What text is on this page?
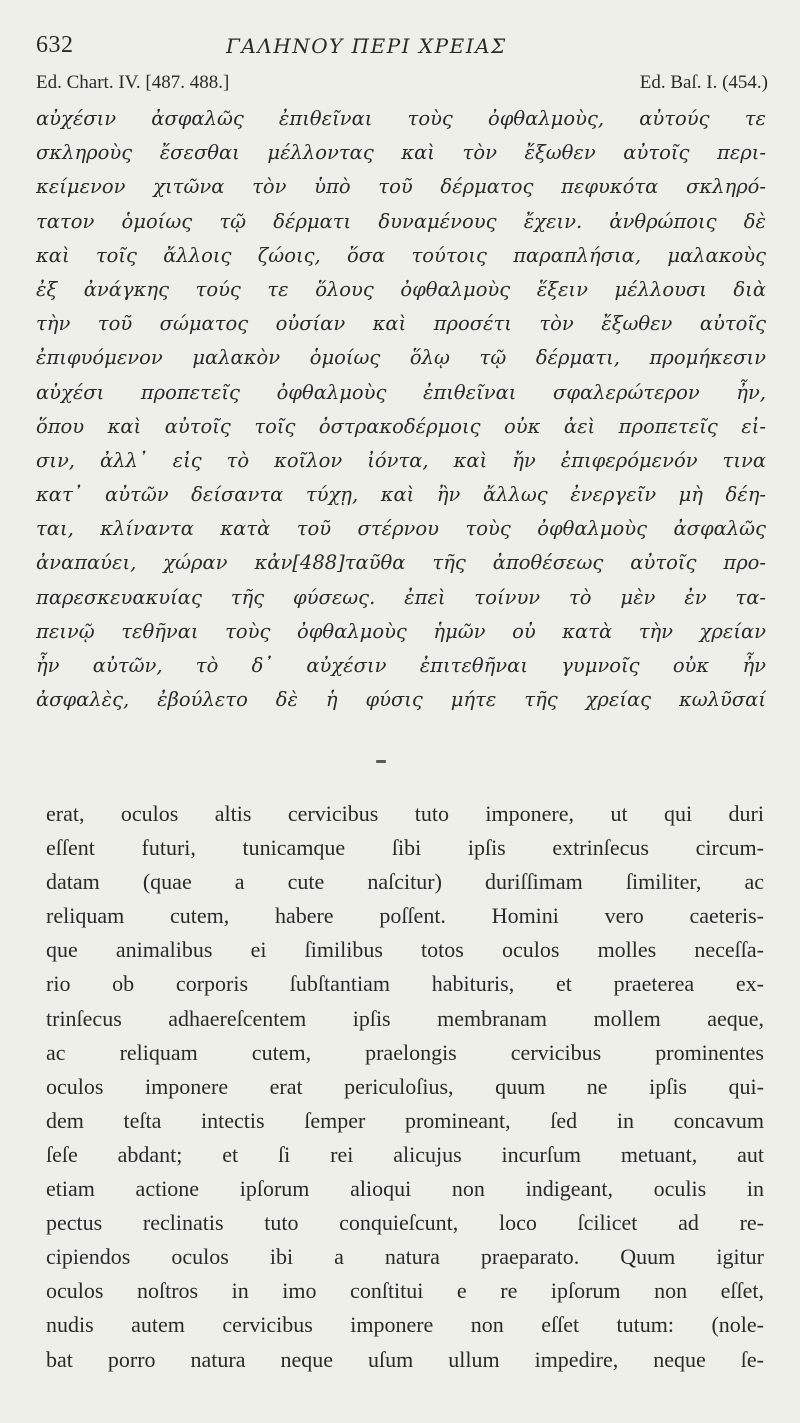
632	ΓΑΛΗΝΟΥ ΠΕΡΙ ΧΡΕΙΑΣ
Ed. Chart. IV. [487. 488.]	Ed. Baſ. I. (454.)
αὐχέσιν ἀσφαλῶς ἐπιθεῖναι τοὺς ὀφθαλμοὺς, αὐτούς τε
σκληροὺς ἔσεσθαι μέλλοντας καὶ τὸν ἔξωθεν αὐτοῖς περι-
κείμενον χιτῶνα τὸν ὑπὸ τοῦ δέρματος πεφυκότα σκληρό-
τατον ὁμοίως τῷ δέρματι δυναμένους ἔχειν. ἀνθρώποις δὲ
καὶ τοῖς ἄλλοις ζώοις, ὅσα τούτοις παραπλήσια, μαλακοὺς
ἐξ ἀνάγκης τούς τε ὅλους ὀφθαλμοὺς ἕξειν μέλλουσι διὰ
τὴν τοῦ σώματος οὐσίαν καὶ προσέτι τὸν ἔξωθεν αὐτοῖς
ἐπιφυόμενον μαλακὸν ὁμοίως ὅλῳ τῷ δέρματι, προμήκεσιν
αὐχέσι προπετεῖς ὀφθαλμοὺς ἐπιθεῖναι σφαλερώτερον ἦν,
ὅπου καὶ αὐτοῖς τοῖς ὀστρακοδέρμοις οὐκ ἀεὶ προπετεῖς εἰ-
σιν, ἀλλ᾽ εἰς τὸ κοῖλον ἰόντα, καὶ ἤν ἐπιφερόμενόν τινα
κατ᾽ αὐτῶν δείσαντα τύχῃ, καὶ ἢν ἄλλως ἐνεργεῖν μὴ δέη-
ται, κλίναντα κατὰ τοῦ στέρνου τοὺς ὀφθαλμοὺς ἀσφαλῶς
ἀναπαύει, χώραν κἀν[488]ταῦθα τῆς ἀποθέσεως αὐτοῖς προ-
παρεσκευακυίας τῆς φύσεως. ἐπεὶ τοίνυν τὸ μὲν ἐν τα-
πεινῷ τεθῆναι τοὺς ὀφθαλμοὺς ἡμῶν οὐ κατὰ τὴν χρείαν
ἦν αὐτῶν, τὸ δ᾽ αὐχέσιν ἐπιτεθῆναι γυμνοῖς οὐκ ἦν
ἀσφαλὲς, ἐβούλετο δὲ ἡ φύσις μήτε τῆς χρείας κωλῦσαί
erat, oculos altis cervicibus tuto imponere, ut qui duri
eſſent futuri, tunicamque ſibi ipſis extrinſecus circum-
datam (quae a cute naſcitur) duriſſimam ſimiliter, ac
reliquam cutem, habere poſſent. Homini vero caeteris-
que animalibus ei ſimilibus totos oculos molles neceſſa-
rio ob corporis ſubſtantiam habituris, et praeterea ex-
trinſecus adhaereſcentem ipſis membranam mollem aeque,
ac reliquam cutem, praelongis cervicibus prominentes
oculos imponere erat periculoſius, quum ne ipſis qui-
dem teſta intectis ſemper promineant, ſed in concavum
ſeſe abdant; et ſi rei alicujus incurſum metuant, aut
etiam actione ipſorum alioqui non indigeant, oculis in
pectus reclinatis tuto conquieſcunt, loco ſcilicet ad re-
cipiendos oculos ibi a natura praeparato. Quum igitur
oculos noſtros in imo conſtitui e re ipſorum non eſſet,
nudis autem cervicibus imponere non eſſet tutum: (nole-
bat porro natura neque uſum ullum impedire, neque ſe-
